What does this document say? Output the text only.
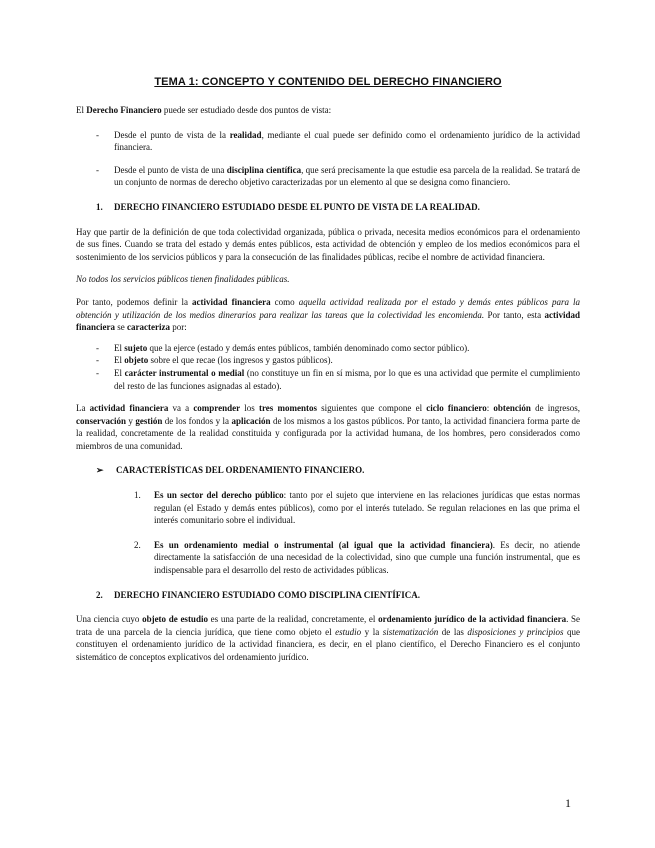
TEMA 1: CONCEPTO Y CONTENIDO DEL DERECHO FINANCIERO

El Derecho Financiero puede ser estudiado desde dos puntos de vista:

- Desde el punto de vista de la realidad, mediante el cual puede ser definido como el ordenamiento jurídico de la actividad financiera.

- Desde el punto de vista de una disciplina científica, que será precisamente la que estudie esa parcela de la realidad. Se tratará de un conjunto de normas de derecho objetivo caracterizadas por un elemento al que se designa como financiero.

1. DERECHO FINANCIERO ESTUDIADO DESDE EL PUNTO DE VISTA DE LA REALIDAD.

Hay que partir de la definición de que toda colectividad organizada, pública o privada, necesita medios económicos para el ordenamiento de sus fines. Cuando se trata del estado y demás entes públicos, esta actividad de obtención y empleo de los medios económicos para el sostenimiento de los servicios públicos y para la consecución de las finalidades públicas, recibe el nombre de actividad financiera.

No todos los servicios públicos tienen finalidades públicas.

Por tanto, podemos definir la actividad financiera como aquella actividad realizada por el estado y demás entes públicos para la obtención y utilización de los medios dinerarios para realizar las tareas que la colectividad les encomienda. Por tanto, esta actividad financiera se caracteriza por:

- El sujeto que la ejerce (estado y demás entes públicos, también denominado como sector público).

- El objeto sobre el que recae (los ingresos y gastos públicos).

- El carácter instrumental o medial (no constituye un fin en sí misma, por lo que es una actividad que permite el cumplimiento del resto de las funciones asignadas al estado).

La actividad financiera va a comprender los tres momentos siguientes que compone el ciclo financiero: obtención de ingresos, conservación y gestión de los fondos y la aplicación de los mismos a los gastos públicos. Por tanto, la actividad financiera forma parte de la realidad, concretamente de la realidad constituida y configurada por la actividad humana, de los hombres, pero considerados como miembros de una comunidad.

➢ CARACTERÍSTICAS DEL ORDENAMIENTO FINANCIERO.

1. Es un sector del derecho público: tanto por el sujeto que interviene en las relaciones jurídicas que estas normas regulan (el Estado y demás entes públicos), como por el interés tutelado. Se regulan relaciones en las que prima el interés comunitario sobre el individual.

2. Es un ordenamiento medial o instrumental (al igual que la actividad financiera). Es decir, no atiende directamente la satisfacción de una necesidad de la colectividad, sino que cumple una función instrumental, que es indispensable para el desarrollo del resto de actividades públicas.

2. DERECHO FINANCIERO ESTUDIADO COMO DISCIPLINA CIENTÍFICA.

Una ciencia cuyo objeto de estudio es una parte de la realidad, concretamente, el ordenamiento jurídico de la actividad financiera. Se trata de una parcela de la ciencia jurídica, que tiene como objeto el estudio y la sistematización de las disposiciones y principios que constituyen el ordenamiento jurídico de la actividad financiera, es decir, en el plano científico, el Derecho Financiero es el conjunto sistemático de conceptos explicativos del ordenamiento jurídico.

1
